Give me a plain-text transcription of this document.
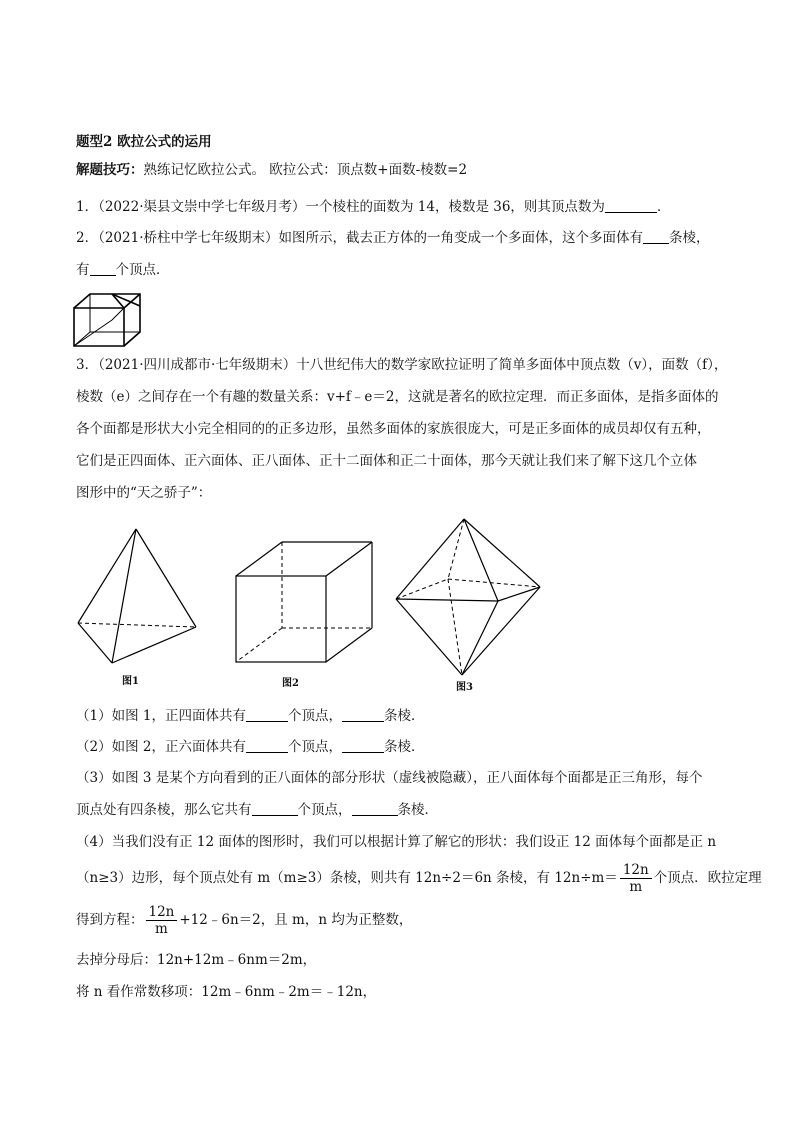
题型2 欧拉公式的运用
解题技巧：熟练记忆欧拉公式。 欧拉公式：顶点数+面数-棱数=2
1．（2022·渠县文崇中学七年级月考）一个棱柱的面数为 14，棱数是 36，则其顶点数为	．
2．（2021·桥柱中学七年级期末）如图所示，截去正方体的一角变成一个多面体，这个多面体有 条棱，
有 个顶点．
3．（2021·四川成都市·七年级期末）十八世纪伟大的数学家欧拉证明了简单多面体中顶点数（v），面数（f），
棱数（e）之间存在一个有趣的数量关系：v+f﹣e＝2，这就是著名的欧拉定理．而正多面体，是指多面体的
各个面都是形状大小完全相同的的正多边形，虽然多面体的家族很庞大，可是正多面体的成员却仅有五种，
它们是正四面体、正六面体、正八面体、正十二面体和正二十面体，那今天就让我们来了解下这几个立体
图形中的“天之骄子”：
图1	图2	图3
（1）如图 1，正四面体共有	个顶点，	条棱．
（2）如图 2，正六面体共有	个顶点，	条棱．
（3）如图 3 是某个方向看到的正八面体的部分形状（虚线被隐藏），正八面体每个面都是正三角形，每个
顶点处有四条棱，那么它共有	个顶点，	条棱．
（4）当我们没有正 12 面体的图形时，我们可以根据计算了解它的形状：我们设正 12 面体每个面都是正 n
（n≥3）边形，每个顶点处有 m（m≥3）条棱，则共有 12n÷2＝6n 条棱，有 $12n\div m= \frac{12n}{m}$ 个顶点．欧拉定理
得到方程： $\frac{12n}{m}$ +12﹣6n＝2，且 m，n 均为正整数，
去掉分母后：12n+12m﹣6nm＝2m，
将 n 看作常数移项：12m﹣6nm﹣2m＝﹣12n，
